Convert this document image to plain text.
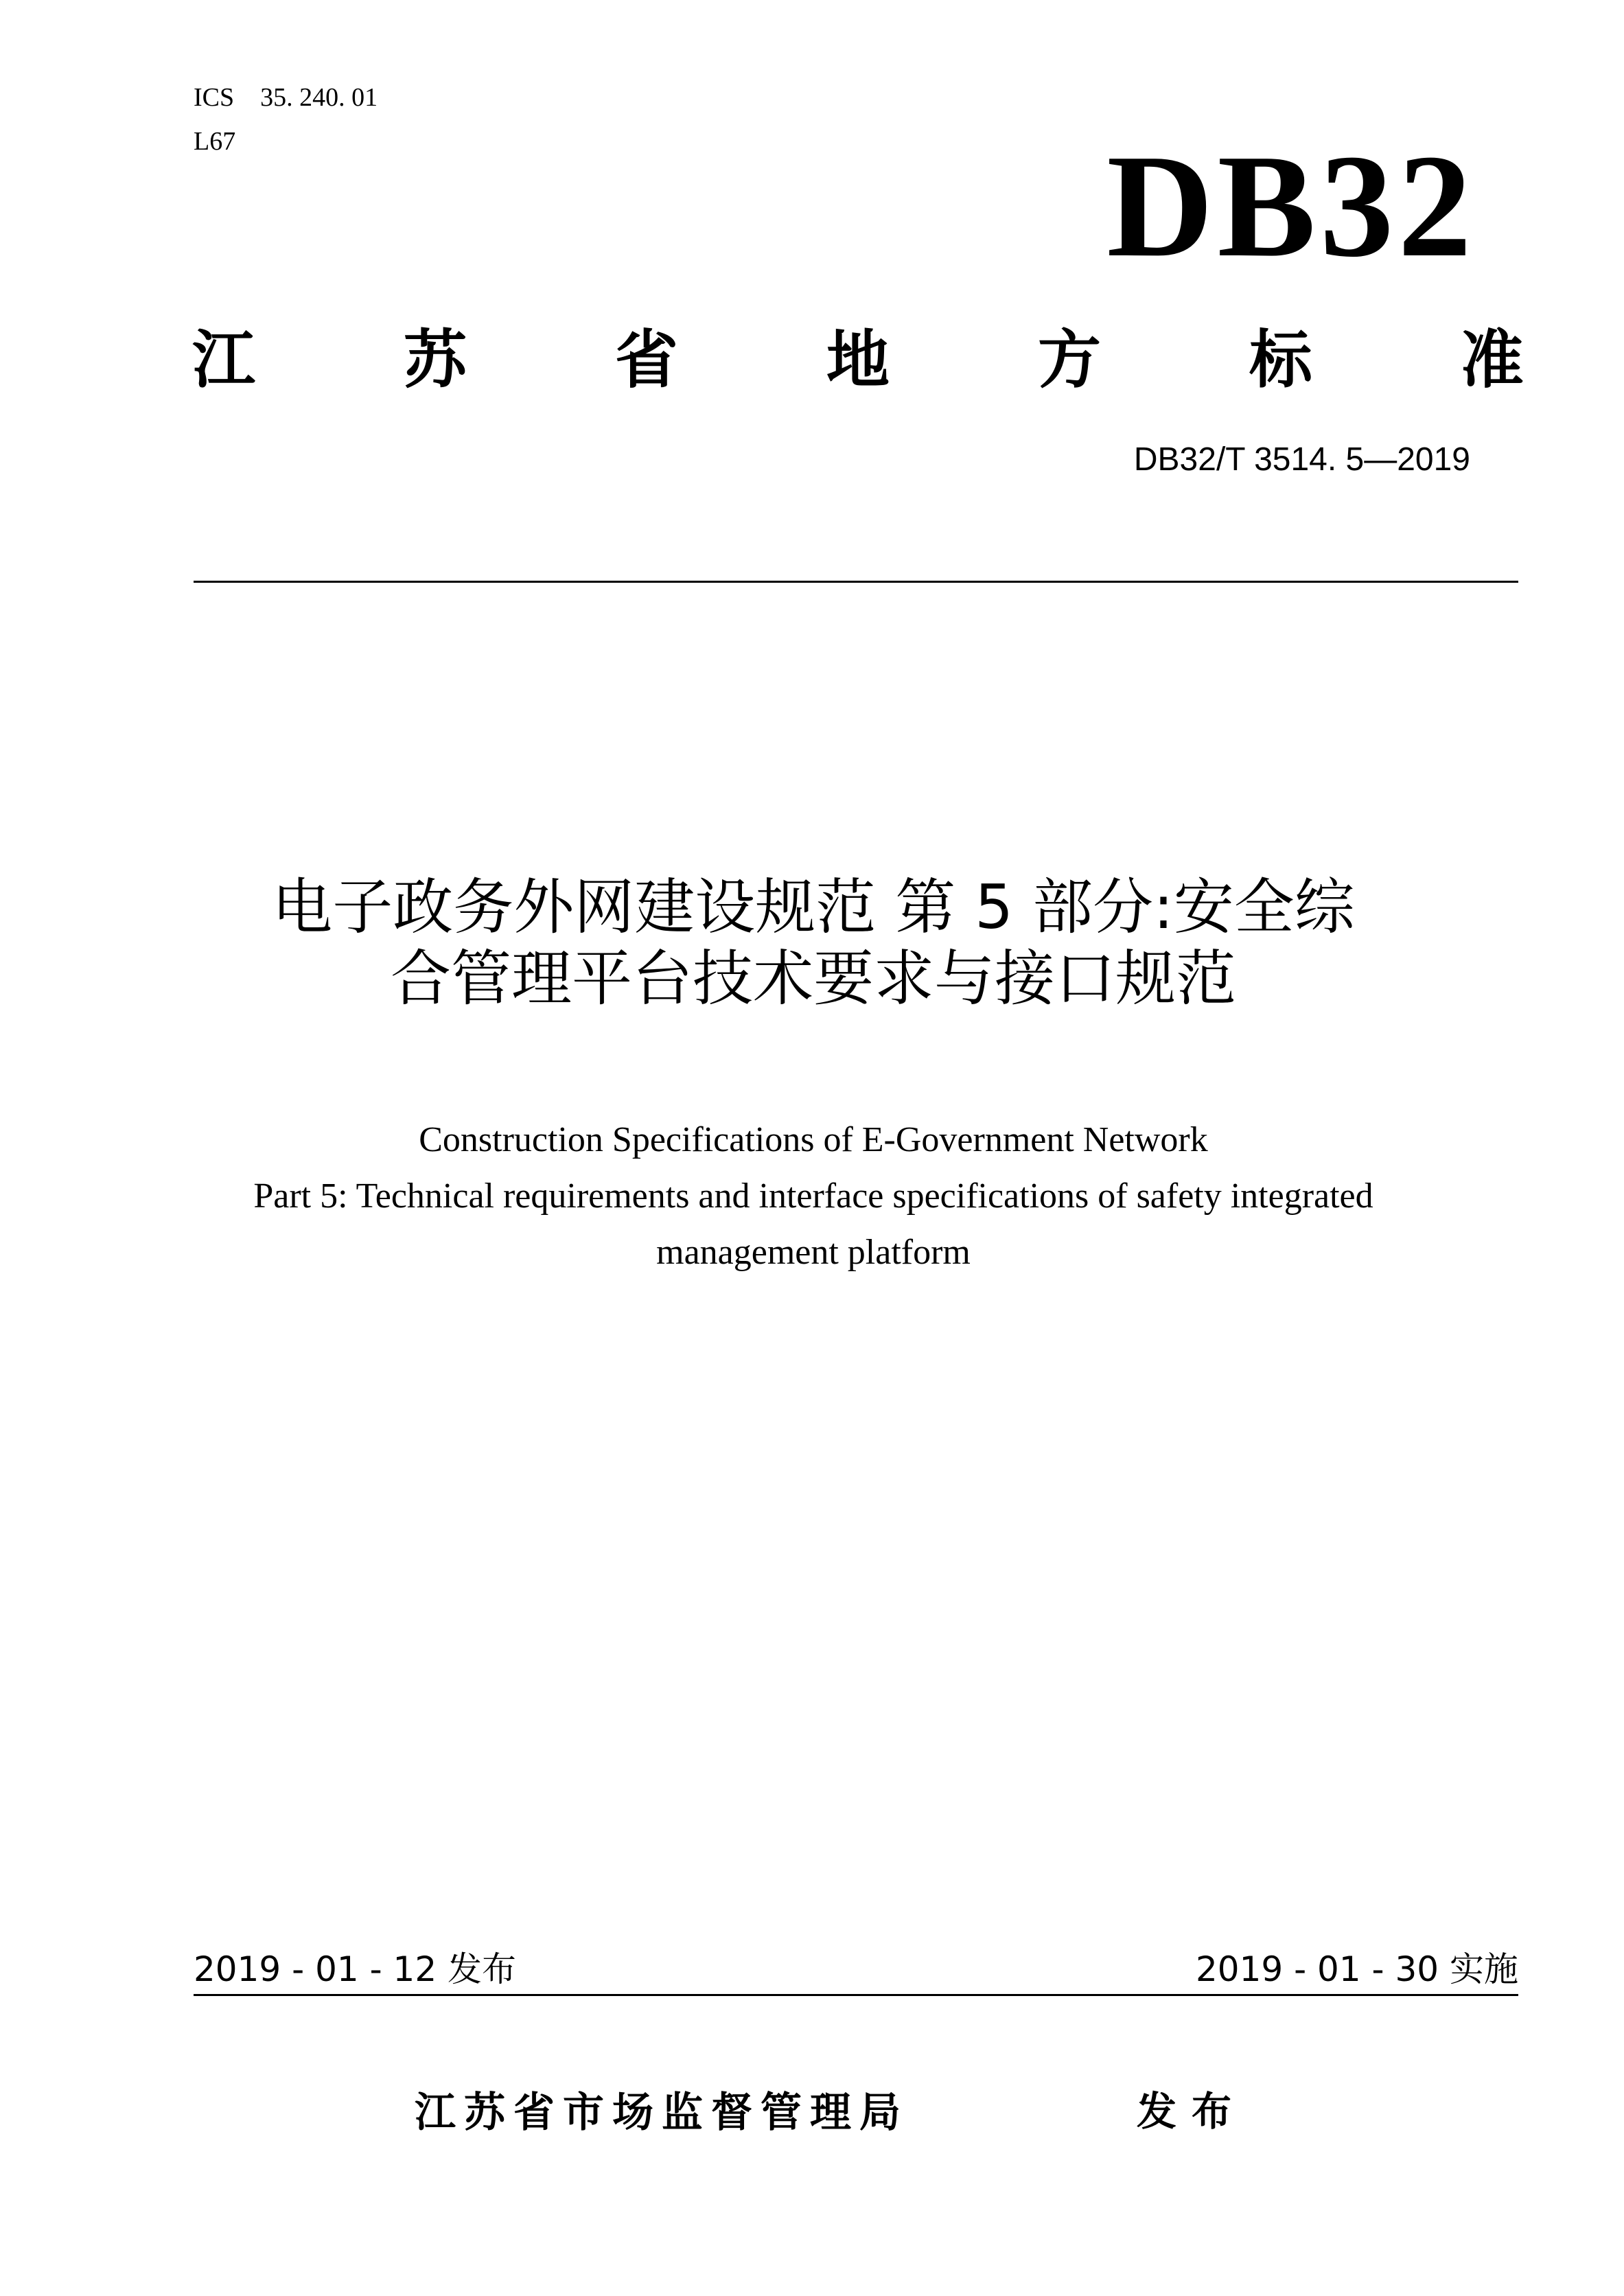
ICS 35. 240. 01
L67	DB32
江 苏 省 地 方 标 准
DB32/T 3514. 5—2019
电子政务外网建设规范 第 5 部分:安全综
合管理平台技术要求与接口规范
Construction Specifications of E-Government Network
Part 5: Technical requirements and interface specifications of safety integrated
management platform
2019 - 01 - 12 发布	2019 - 01 - 30 实施
江苏省市场监督管理局	发布
